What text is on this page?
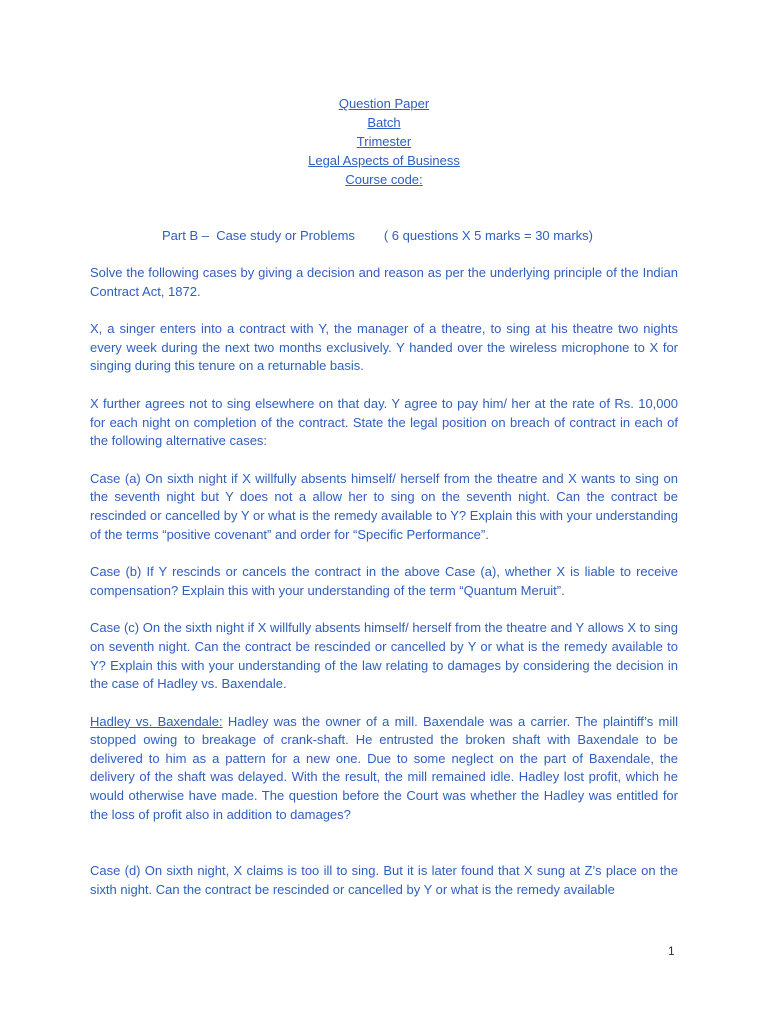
Question Paper
Batch
Trimester
Legal Aspects of Business
Course code:
Part B –  Case study or Problems ( 6 questions X 5 marks = 30 marks)

Solve the following cases by giving a decision and reason as per the underlying principle of the Indian Contract Act, 1872.

X, a singer enters into a contract with Y, the manager of a theatre, to sing at his theatre two nights every week during the next two months exclusively. Y handed over the wireless microphone to X for singing during this tenure on a returnable basis.

X further agrees not to sing elsewhere on that day. Y agree to pay him/ her at the rate of Rs. 10,000 for each night on completion of the contract. State the legal position on breach of contract in each of the following alternative cases:

Case (a) On sixth night if X willfully absents himself/ herself from the theatre and X wants to sing on the seventh night but Y does not a allow her to sing on the seventh night. Can the contract be rescinded or cancelled by Y or what is the remedy available to Y? Explain this with your understanding of the terms “positive covenant” and order for “Specific Performance”.

Case (b) If Y rescinds or cancels the contract in the above Case (a), whether X is liable to receive compensation? Explain this with your understanding of the term “Quantum Meruit”.

Case (c) On the sixth night if X willfully absents himself/ herself from the theatre and Y allows X to sing on seventh night. Can the contract be rescinded or cancelled by Y or what is the remedy available to Y? Explain this with your understanding of the law relating to damages by considering the decision in the case of Hadley vs. Baxendale.

Hadley vs. Baxendale: Hadley was the owner of a mill. Baxendale was a carrier. The plaintiff’s mill stopped owing to breakage of crank-shaft. He entrusted the broken shaft with Baxendale to be delivered to him as a pattern for a new one. Due to some neglect on the part of Baxendale, the delivery of the shaft was delayed. With the result, the mill remained idle. Hadley lost profit, which he would otherwise have made. The question before the Court was whether the Hadley was entitled for the loss of profit also in addition to damages?

Case (d) On sixth night, X claims is too ill to sing. But it is later found that X sung at Z’s place on the sixth night. Can the contract be rescinded or cancelled by Y or what is the remedy available

1
